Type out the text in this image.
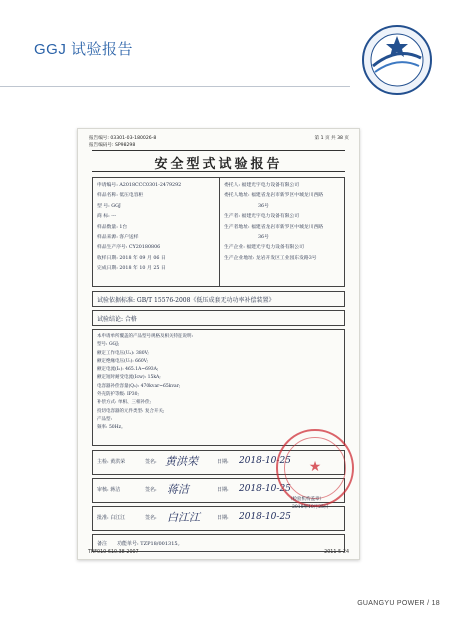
GGJ 试验报告
报告编号: 03301-03-180026-8
报告编码号: SP98298
第 1 页 共 38 页
安全型式试验报告
申请编号: A2018CCC0301-2479292
样品名称: 低压电容柜
型 号: GGJ
商 标: ---
样品数量: 1台
样品来源: 客户送样
样品生产序号: CY20180806
收样日期: 2018 年 09 月 06 日
完成日期: 2018 年 10 月 25 日
委托人: 福建光宇电力设备有限公司
委托人地址: 福建省龙岩市新罗区中城龙川西路
36号
生产者: 福建光宇电力设备有限公司
生产者地址: 福建省龙岩市新罗区中城龙川西路
36号
生产企业: 福建光宇电力设备有限公司
生产企业地址: 龙岩开发区工业园东发路3号
试验依据标准: GB/T 15576-2008《低压成套无功功率补偿装置》
试验结论: 合格
本申请单所覆盖的产品型号规格及相关特征说明:
型号: GGJ;
额定工作电压(Uₑ): 380V;
额定绝缘电压(Uᵢ): 660V;
额定电流(Iₙ): 465.1A~693A;
额定短时耐受电流(Iᴄᴡ): 15kA;
电容器补偿容量(Qₙ): 470kvar~65kvar;
外壳防护等级: IP30;
补偿方式: 单相、三相补偿;
投切电容器的元件类型: 复合开关;
产品型:
频率: 50Hz。
主检: 黄洪荣	签名: 黄洪荣	日期: 2018-10-25
审核: 蒋洁	签名: 蒋洁	日期: 2018-10-25
批准: 白江江	签名: 白江江	日期: 2018-10-25
备注 功能单号: TZP18/001315。
★
（检验机构盖章）
2018年10月25日
TRF010-610.38-2007	2011-5-24
GUANGYU POWER / 18
